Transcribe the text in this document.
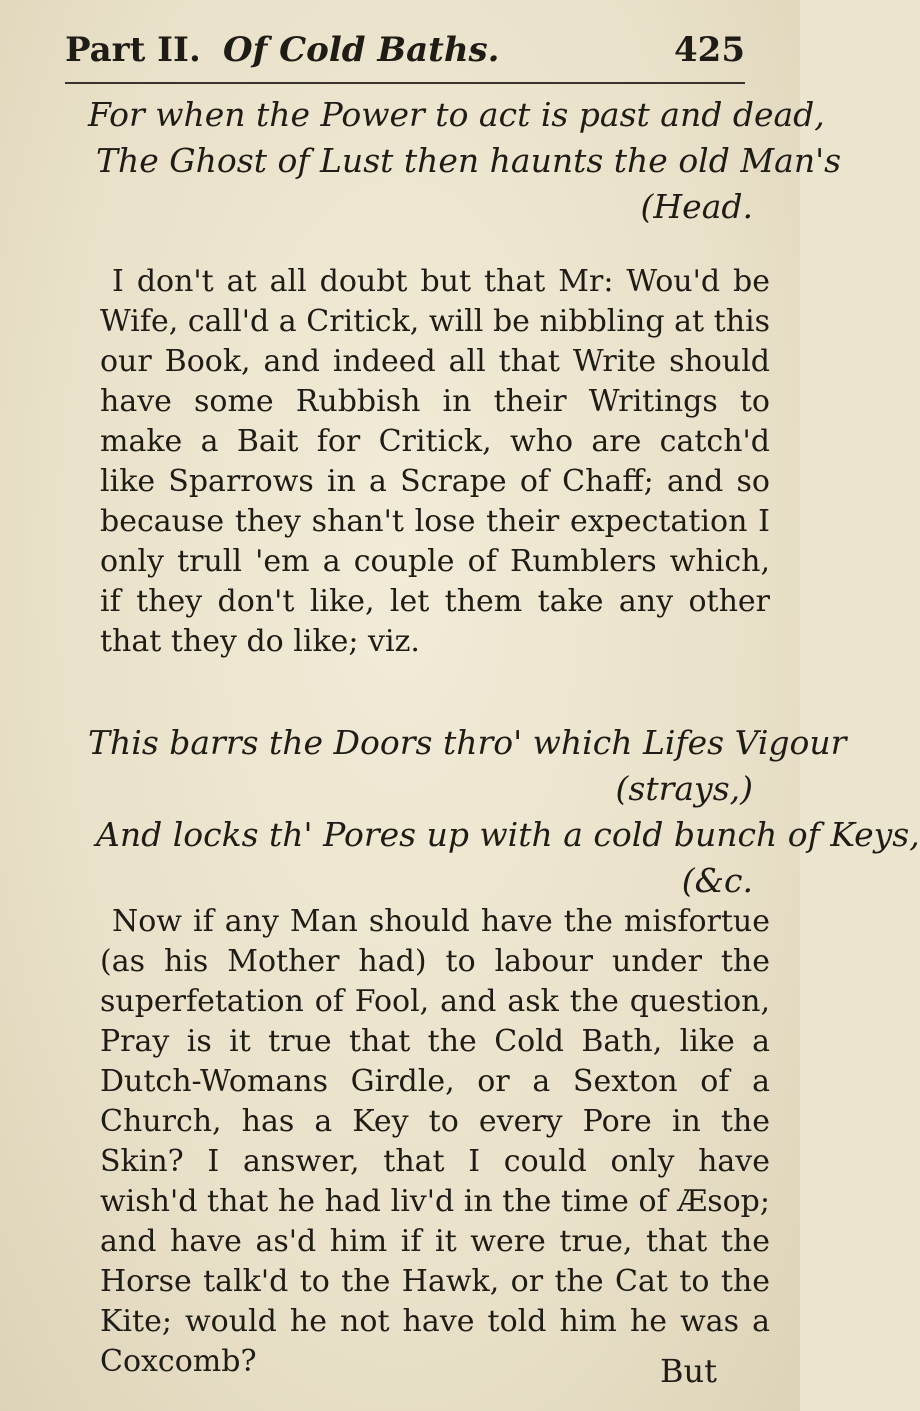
Part II. Of Cold Baths.	425
For when the Power to act is past and dead,
The Ghost of Lust then haunts the old Man's
(Head.
I don't at all doubt but that Mr: Wou'd be Wife, call'd a Critick, will be nibbling at this our Book, and indeed all that Write should have some Rubbish in their Writings to make a Bait for Critick, who are catch'd like Sparrows in a Scrape of Chaff; and so because they shan't lose their expectation I only trull 'em a couple of Rumblers which, if they don't like, let them take any other that they do like; viz.
This barrs the Doors thro' which Lifes Vigour
(strays,)
And locks th' Pores up with a cold bunch of Keys,
(&c.
Now if any Man should have the misfortue (as his Mother had) to labour under the superfetation of Fool, and ask the question, Pray is it true that the Cold Bath, like a Dutch-Womans Girdle, or a Sexton of a Church, has a Key to every Pore in the Skin? I answer, that I could only have wish'd that he had liv'd in the time of Æsop; and have as'd him if it were true, that the Horse talk'd to the Hawk, or the Cat to the Kite; would he not have told him he was a Coxcomb?	But
